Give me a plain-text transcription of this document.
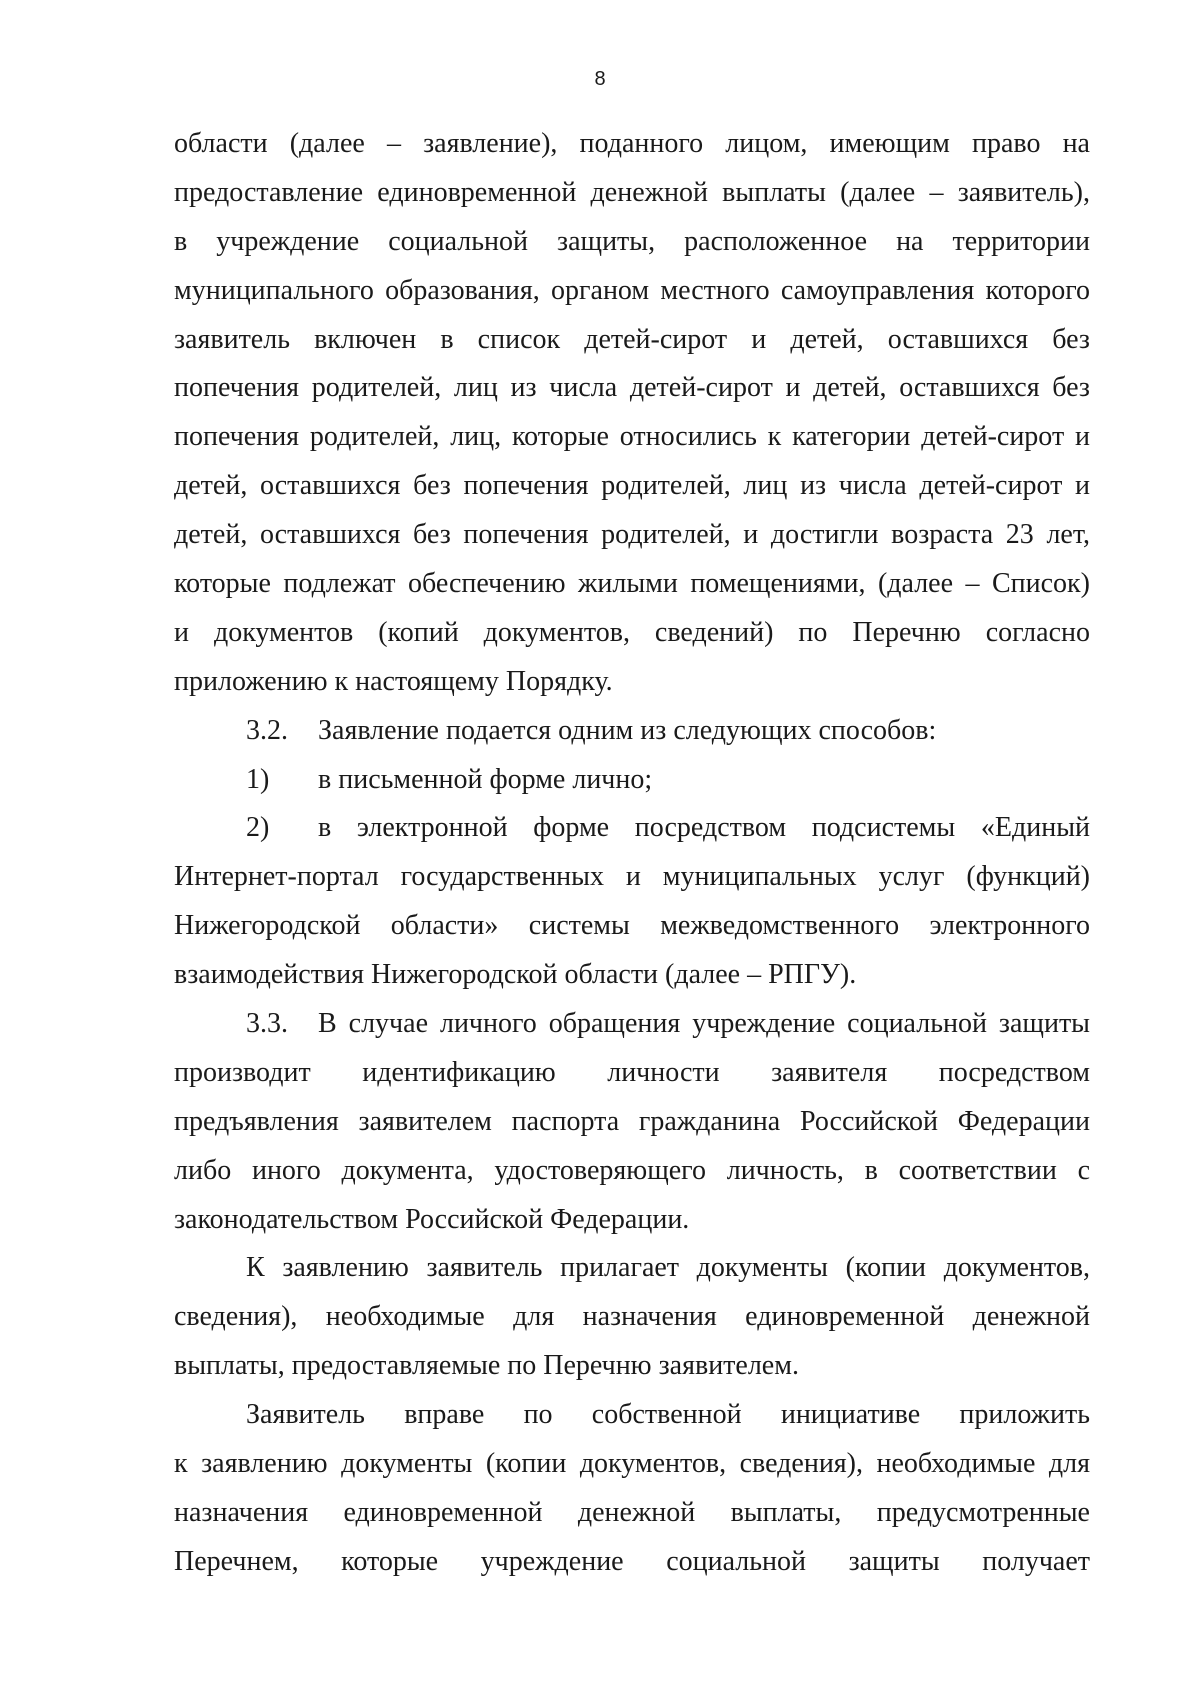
8
области (далее – заявление), поданного лицом, имеющим право на
предоставление единовременной денежной выплаты (далее – заявитель),
в учреждение социальной защиты, расположенное на территории
муниципального образования, органом местного самоуправления которого
заявитель включен в список детей-сирот и детей, оставшихся без
попечения родителей, лиц из числа детей-сирот и детей, оставшихся без
попечения родителей, лиц, которые относились к категории детей-сирот и
детей, оставшихся без попечения родителей, лиц из числа детей-сирот и
детей, оставшихся без попечения родителей, и достигли возраста 23 лет,
которые подлежат обеспечению жилыми помещениями, (далее – Список)
и документов (копий документов, сведений) по Перечню согласно
приложению к настоящему Порядку.
3.2. Заявление подается одним из следующих способов:
1) в письменной форме лично;
2) в электронной форме посредством подсистемы «Единый
Интернет-портал государственных и муниципальных услуг (функций)
Нижегородской области» системы межведомственного электронного
взаимодействия Нижегородской области (далее – РПГУ).
3.3. В случае личного обращения учреждение социальной защиты
производит идентификацию личности заявителя посредством
предъявления заявителем паспорта гражданина Российской Федерации
либо иного документа, удостоверяющего личность, в соответствии с
законодательством Российской Федерации.
К заявлению заявитель прилагает документы (копии документов,
сведения), необходимые для назначения единовременной денежной
выплаты, предоставляемые по Перечню заявителем.
Заявитель вправе по собственной инициативе приложить
к заявлению документы (копии документов, сведения), необходимые для
назначения единовременной денежной выплаты, предусмотренные
Перечнем, которые учреждение социальной защиты получает
